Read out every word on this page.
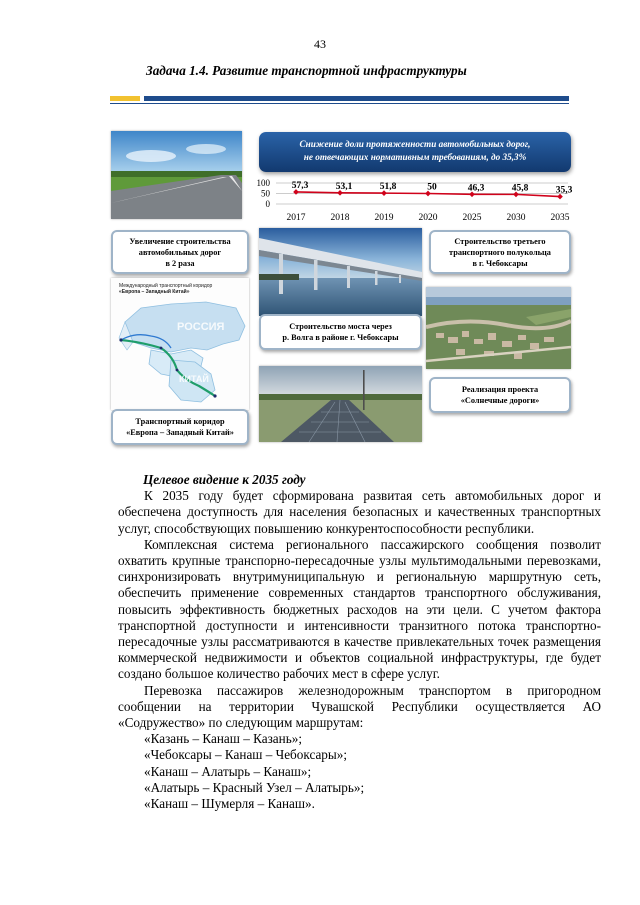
43
Задача 1.4. Развитие транспортной инфраструктуры
Снижение доли протяженности автомобильных дорог,
не отвечающих нормативным требованиям, до 35,3%
100
50
0
57,3	53,1	51,8	50	46,3	45,8	35,3
2017	2018	2019	2020	2025	2030	2035
Увеличение строительства
автомобильных дорог
в 2 раза
Строительство третьего
транспортного полукольца
в г. Чебоксары
Международный транспортный коридор
«Европа – Западный Китай»
РОССИЯ
КИТАЙ
Строительство моста через
р. Волга в районе г. Чебоксары
Реализация проекта
«Солнечные дороги»
Транспортный коридор
«Европа – Западный Китай»

Целевое видение к 2035 году

К 2035 году будет сформирована развитая сеть автомобильных дорог и обеспечена доступность для населения безопасных и качественных транспортных услуг, способствующих повышению конкурентоспособности республики.

Комплексная система регионального пассажирского сообщения позволит охватить крупные транспорно-пересадочные узлы мультимодальными перевозками, синхронизировать внутримуниципальную и региональную маршрутную сеть, обеспечить применение современных стандартов транспортного обслуживания, повысить эффективность бюджетных расходов на эти цели. С учетом фактора транспортной доступности и интенсивности транзитного потока транспортно-пересадочные узлы рассматриваются в качестве привлекательных точек размещения коммерческой недвижимости и объектов социальной инфраструктуры, где будет создано большое количество рабочих мест в сфере услуг.

Перевозка пассажиров железнодорожным транспортом в пригородном сообщении на территории Чувашской Республики осуществляется АО «Содружество» по следующим маршрутам:

«Казань – Канаш – Казань»;

«Чебоксары – Канаш – Чебоксары»;

«Канаш – Алатырь – Канаш»;

«Алатырь – Красный Узел – Алатырь»;

«Канаш – Шумерля – Канаш».
